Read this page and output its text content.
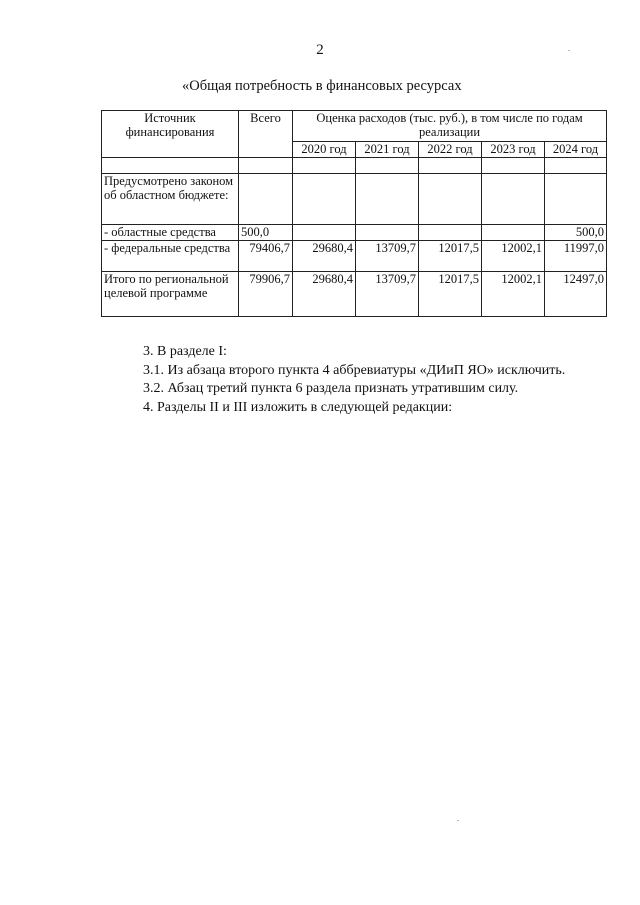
2
«Общая потребность в финансовых ресурсах
Источник финансирования	Всего	Оценка расходов (тыс. руб.), в том числе по годам реализации				
		2020 год	2021 год	2022 год	2023 год	2024 год

Предусмотрено законом об областном бюджете:						
- областные средства	500,0					500,0
- федеральные средства	79406,7	29680,4	13709,7	12017,5	12002,1	11997,0
Итого по региональной целевой программе	79906,7	29680,4	13709,7	12017,5	12002,1	12497,0

3. В разделе I:

3.1. Из абзаца второго пункта 4 аббревиатуры «ДИиП ЯО» исключить.

3.2. Абзац третий пункта 6 раздела признать утратившим силу.

4. Разделы II и III изложить в следующей редакции:
